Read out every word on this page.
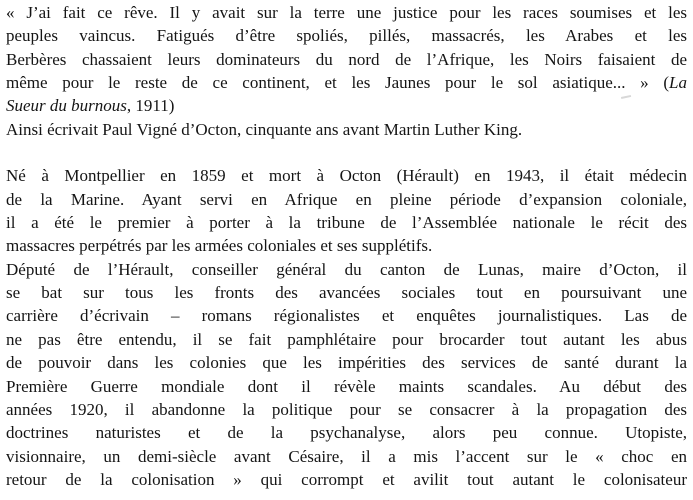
« J’ai fait ce rêve. Il y avait sur la terre une justice pour les races soumises et les
peuples vaincus. Fatigués d’être spoliés, pillés, massacrés, les Arabes et les
Berbères chassaient leurs dominateurs du nord de l’Afrique, les Noirs faisaient de
même pour le reste de ce continent, et les Jaunes pour le sol asiatique... » (La
Sueur du burnous, 1911)
Ainsi écrivait Paul Vigné d’Octon, cinquante ans avant Martin Luther King.
Né à Montpellier en 1859 et mort à Octon (Hérault) en 1943, il était médecin
de la Marine. Ayant servi en Afrique en pleine période d’expansion coloniale,
il a été le premier à porter à la tribune de l’Assemblée nationale le récit des
massacres perpétrés par les armées coloniales et ses supplétifs.
Député de l’Hérault, conseiller général du canton de Lunas, maire d’Octon, il
se bat sur tous les fronts des avancées sociales tout en poursuivant une
carrière d’écrivain – romans régionalistes et enquêtes journalistiques. Las de
ne pas être entendu, il se fait pamphlétaire pour brocarder tout autant les abus
de pouvoir dans les colonies que les impérities des services de santé durant la
Première Guerre mondiale dont il révèle maints scandales. Au début des
années 1920, il abandonne la politique pour se consacrer à la propagation des
doctrines naturistes et de la psychanalyse, alors peu connue. Utopiste,
visionnaire, un demi-siècle avant Césaire, il a mis l’accent sur le « choc en
retour de la colonisation » qui corrompt et avilit tout autant le colonisateur
